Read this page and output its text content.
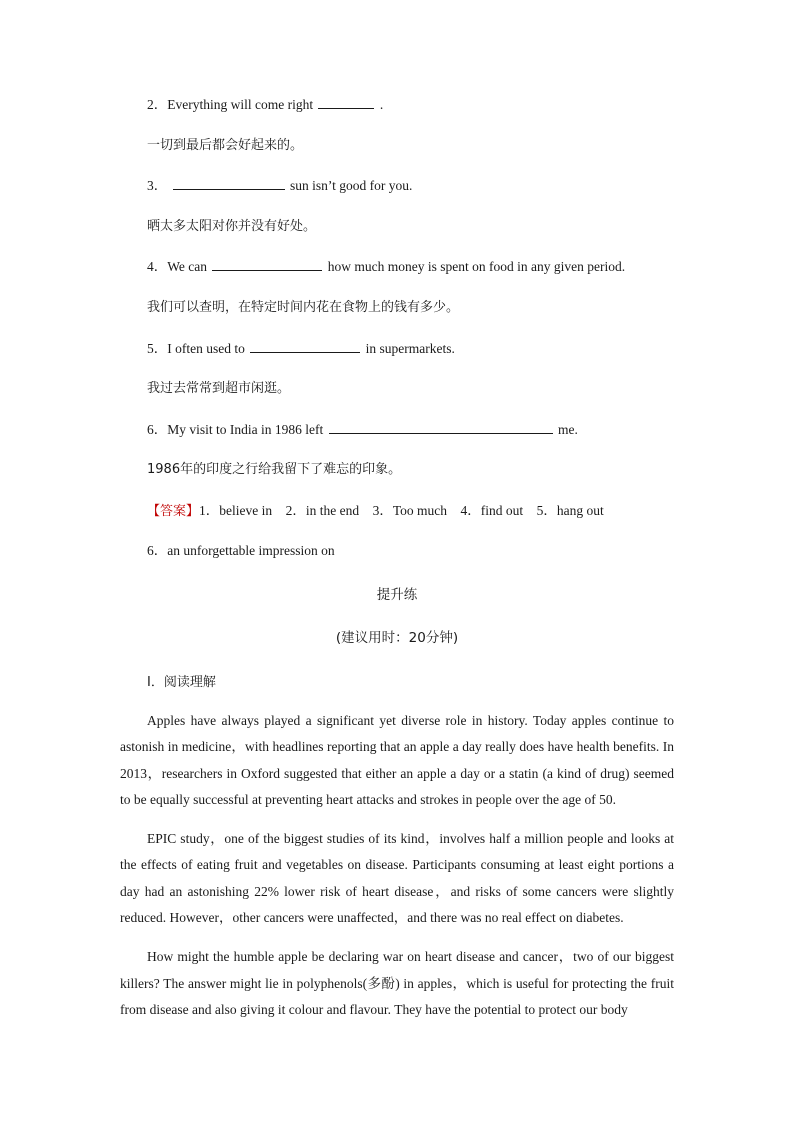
2．Everything will come right	.
一切到最后都会好起来的。
3．	sun isn’t good for you.
晒太多太阳对你并没有好处。
4．We can	how much money is spent on food in any given period.
我们可以查明，在特定时间内花在食物上的钱有多少。
5．I often used to	in supermarkets.
我过去常常到超市闲逛。
6．My visit to India in 1986 left	me.
1986年的印度之行给我留下了难忘的印象。
【答案】1．believe in　2．in the end　3．Too much　4．find out　5．hang out
6．an unforgettable impression on
提升练
(建议用时：20分钟)
Ⅰ．阅读理解

Apples have always played a significant yet diverse role in history. Today apples continue to astonish in medicine，with headlines reporting that an apple a day really does have health benefits. In 2013，researchers in Oxford suggested that either an apple a day or a statin (a kind of drug) seemed to be equally successful at preventing heart attacks and strokes in people over the age of 50.

EPIC study，one of the biggest studies of its kind，involves half a million people and looks at the effects of eating fruit and vegetables on disease. Participants consuming at least eight portions a day had an astonishing 22% lower risk of heart disease，and risks of some cancers were slightly reduced. However，other cancers were unaffected，and there was no real effect on diabetes.

How might the humble apple be declaring war on heart disease and cancer，two of our biggest killers? The answer might lie in polyphenols(多酚) in apples，which is useful for protecting the fruit from disease and also giving it colour and flavour. They have the potential to protect our body
